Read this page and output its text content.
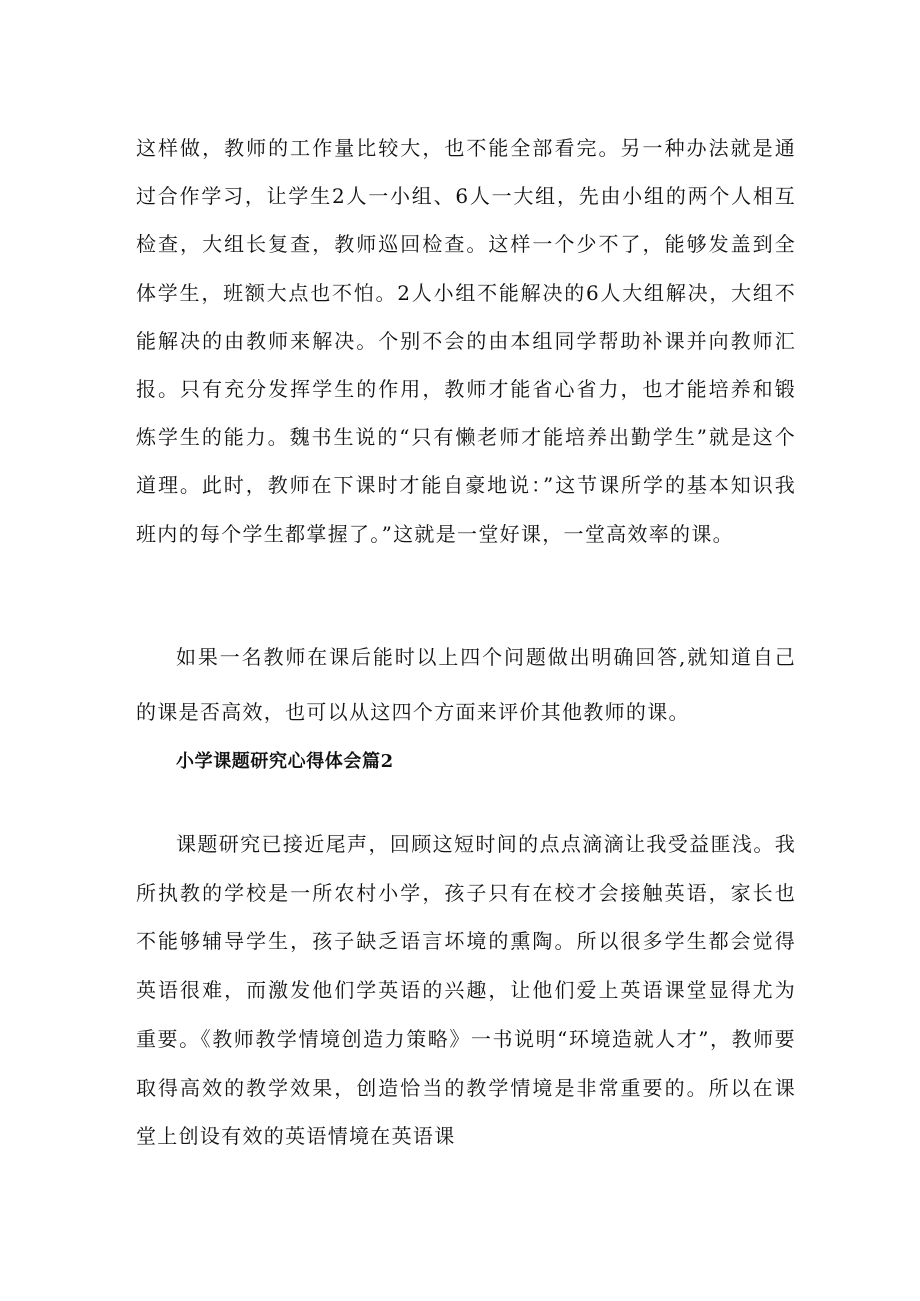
这样做，教师的工作量比较大，也不能全部看完。另一种办法就是通过合作学习，让学生2人一小组、6人一大组，先由小组的两个人相互检查，大组长复查，教师巡回检查。这样一个少不了，能够发盖到全体学生，班额大点也不怕。2人小组不能解决的6人大组解决，大组不能解决的由教师来解决。个别不会的由本组同学帮助补课并向教师汇报。只有充分发挥学生的作用，教师才能省心省力，也才能培养和锻炼学生的能力。魏书生说的“只有懒老师才能培养出勤学生”就是这个道理。此时，教师在下课时才能自豪地说：”这节课所学的基本知识我班内的每个学生都掌握了。”这就是一堂好课，一堂高效率的课。

如果一名教师在课后能时以上四个问题做出明确回答,就知道自己的课是否高效，也可以从这四个方面来评价其他教师的课。

小学课题研究心得体会篇2

课题研究已接近尾声，回顾这短时间的点点滴滴让我受益匪浅。我所执教的学校是一所农村小学，孩子只有在校才会接触英语，家长也不能够辅导学生，孩子缺乏语言坏境的熏陶。所以很多学生都会觉得英语很难，而激发他们学英语的兴趣，让他们爱上英语课堂显得尤为重要。《教师教学情境创造力策略》一书说明“环境造就人才”，教师要取得高效的教学效果，创造恰当的教学情境是非常重要的。所以在课堂上创设有效的英语情境在英语课
